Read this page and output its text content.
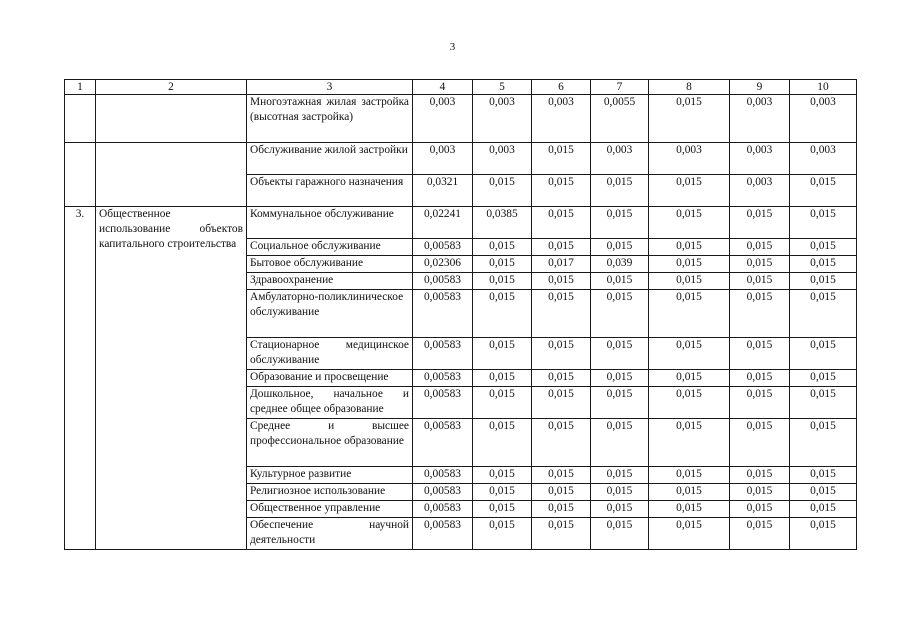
3
1	2	3	4	5	6	7	8	9	10
		Многоэтажная жилая застройка (высотная застройка)	0,003	0,003	0,003	0,0055	0,015	0,003	0,003
		Обслуживание жилой застройки	0,003	0,003	0,015	0,003	0,003	0,003	0,003
		Объекты гаражного назначения	0,0321	0,015	0,015	0,015	0,015	0,003	0,015
3.	Общественное использование объектов капитального строительства	Коммунальное обслуживание	0,02241	0,0385	0,015	0,015	0,015	0,015	0,015
		Социальное обслуживание	0,00583	0,015	0,015	0,015	0,015	0,015	0,015
		Бытовое обслуживание	0,02306	0,015	0,017	0,039	0,015	0,015	0,015
		Здравоохранение	0,00583	0,015	0,015	0,015	0,015	0,015	0,015
		Амбулаторно-поликлиническое обслуживание	0,00583	0,015	0,015	0,015	0,015	0,015	0,015
		Стационарное медицинское обслуживание	0,00583	0,015	0,015	0,015	0,015	0,015	0,015
		Образование и просвещение	0,00583	0,015	0,015	0,015	0,015	0,015	0,015
		Дошкольное, начальное и среднее общее образование	0,00583	0,015	0,015	0,015	0,015	0,015	0,015
		Среднее и высшее профессиональное образование	0,00583	0,015	0,015	0,015	0,015	0,015	0,015
		Культурное развитие	0,00583	0,015	0,015	0,015	0,015	0,015	0,015
		Религиозное использование	0,00583	0,015	0,015	0,015	0,015	0,015	0,015
		Общественное управление	0,00583	0,015	0,015	0,015	0,015	0,015	0,015
		Обеспечение научной деятельности	0,00583	0,015	0,015	0,015	0,015	0,015	0,015
